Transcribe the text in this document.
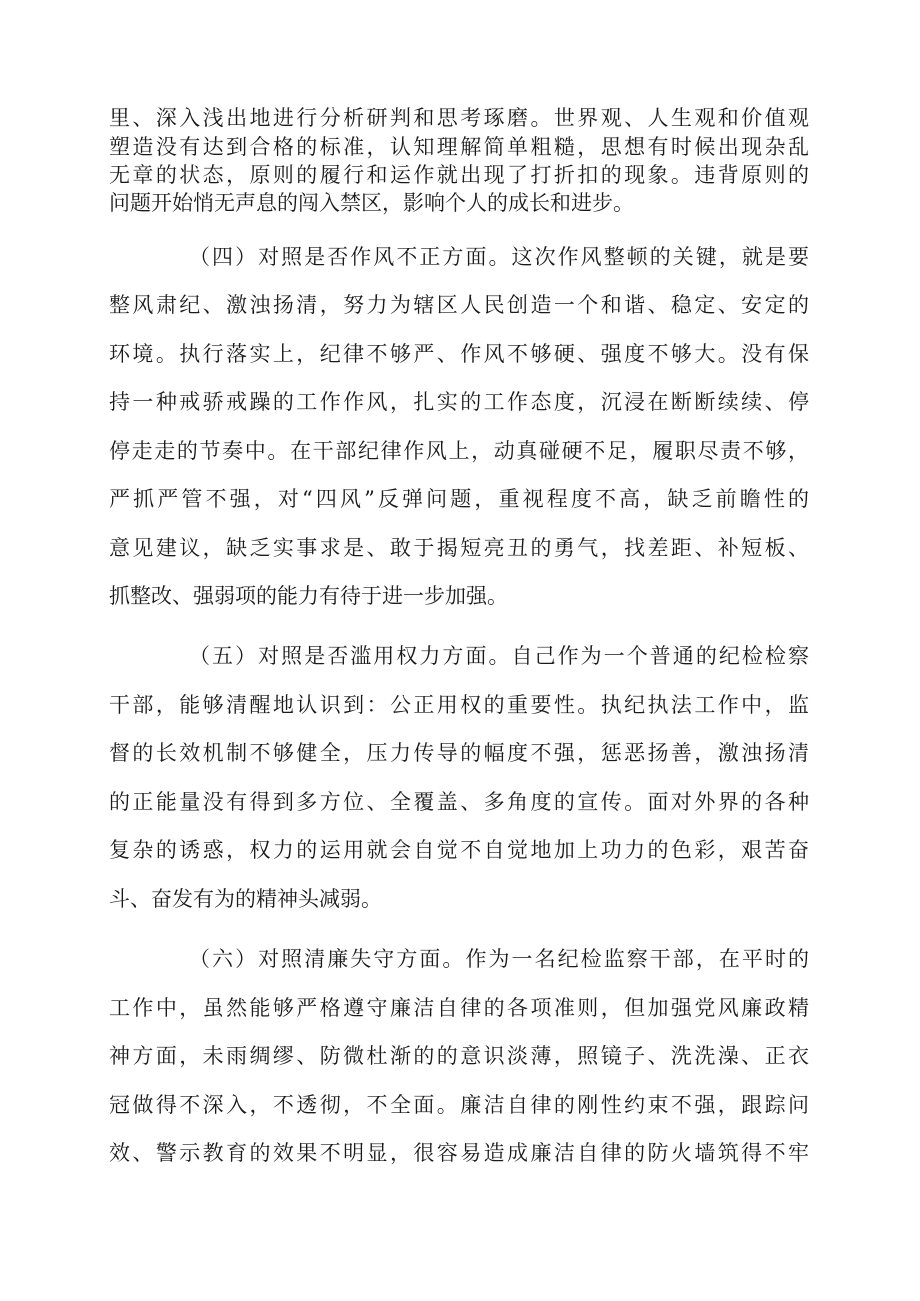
里、深入浅出地进行分析研判和思考琢磨。世界观、人生观和价值观
塑造没有达到合格的标准，认知理解简单粗糙，思想有时候出现杂乱
无章的状态，原则的履行和运作就出现了打折扣的现象。违背原则的
问题开始悄无声息的闯入禁区，影响个人的成长和进步。
（四）对照是否作风不正方面。这次作风整顿的关键，就是要
整风肃纪、激浊扬清，努力为辖区人民创造一个和谐、稳定、安定的
环境。执行落实上，纪律不够严、作风不够硬、强度不够大。没有保
持一种戒骄戒躁的工作作风，扎实的工作态度，沉浸在断断续续、停
停走走的节奏中。在干部纪律作风上，动真碰硬不足，履职尽责不够，
严抓严管不强，对“四风”反弹问题，重视程度不高，缺乏前瞻性的
意见建议，缺乏实事求是、敢于揭短亮丑的勇气，找差距、补短板、
抓整改、强弱项的能力有待于进一步加强。
（五）对照是否滥用权力方面。自己作为一个普通的纪检检察
干部，能够清醒地认识到：公正用权的重要性。执纪执法工作中，监
督的长效机制不够健全，压力传导的幅度不强，惩恶扬善，激浊扬清
的正能量没有得到多方位、全覆盖、多角度的宣传。面对外界的各种
复杂的诱惑，权力的运用就会自觉不自觉地加上功力的色彩，艰苦奋
斗、奋发有为的精神头减弱。
（六）对照清廉失守方面。作为一名纪检监察干部，在平时的
工作中，虽然能够严格遵守廉洁自律的各项准则，但加强党风廉政精
神方面，未雨绸缪、防微杜渐的的意识淡薄，照镜子、洗洗澡、正衣
冠做得不深入，不透彻，不全面。廉洁自律的刚性约束不强，跟踪问
效、警示教育的效果不明显，很容易造成廉洁自律的防火墙筑得不牢
